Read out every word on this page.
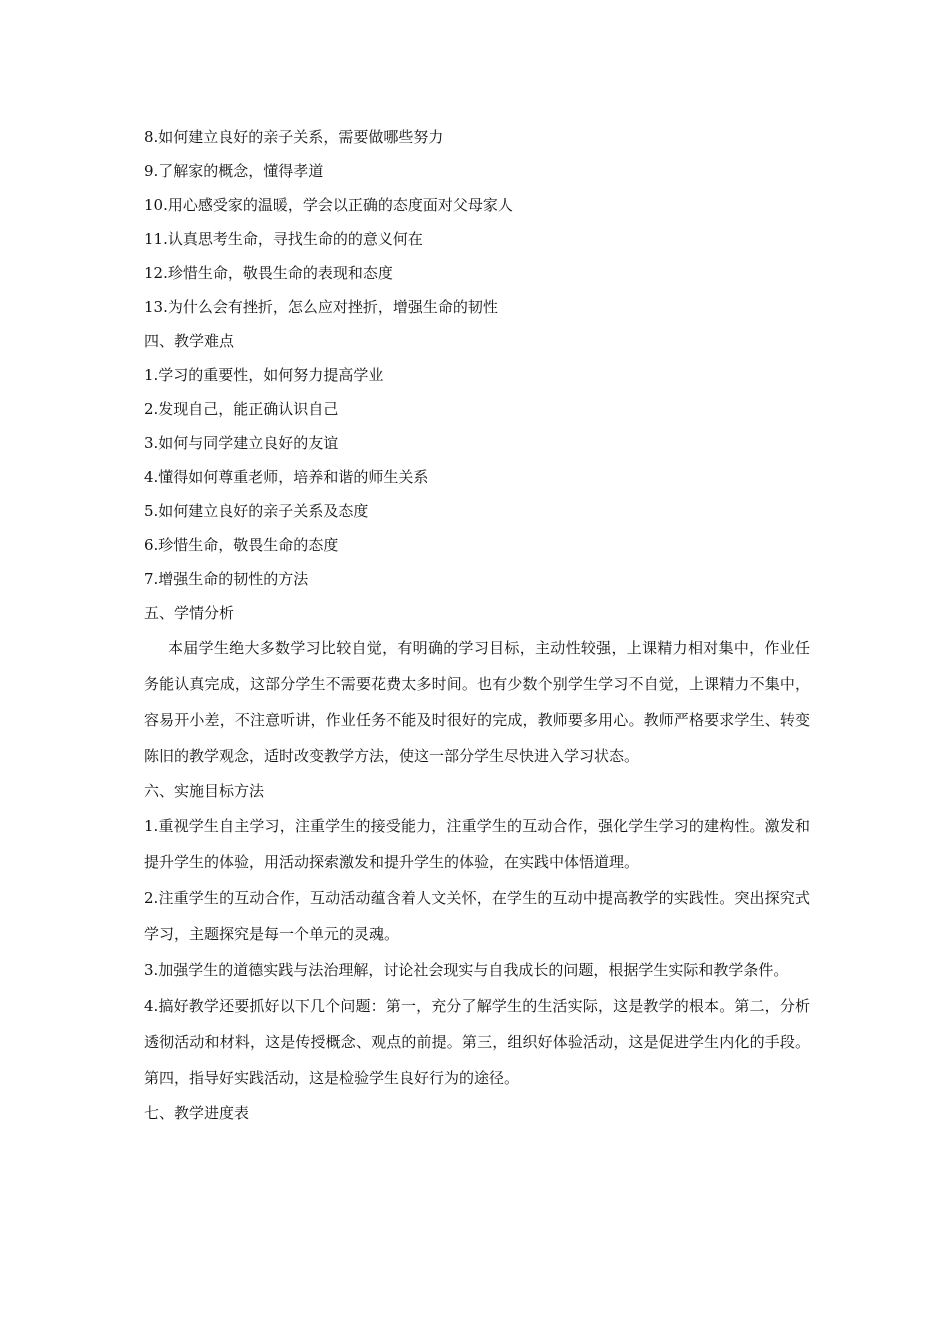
8.如何建立良好的亲子关系，需要做哪些努力
9.了解家的概念，懂得孝道
10.用心感受家的温暖，学会以正确的态度面对父母家人
11.认真思考生命，寻找生命的的意义何在
12.珍惜生命，敬畏生命的表现和态度
13.为什么会有挫折，怎么应对挫折，增强生命的韧性
四、教学难点
1.学习的重要性，如何努力提高学业
2.发现自己，能正确认识自己
3.如何与同学建立良好的友谊
4.懂得如何尊重老师，培养和谐的师生关系
5.如何建立良好的亲子关系及态度
6.珍惜生命，敬畏生命的态度
7.增强生命的韧性的方法
五、学情分析

本届学生绝大多数学习比较自觉，有明确的学习目标，主动性较强，上课精力相对集中，作业任务能认真完成，这部分学生不需要花费太多时间。也有少数个别学生学习不自觉，上课精力不集中，容易开小差，不注意听讲，作业任务不能及时很好的完成，教师要多用心。教师严格要求学生、转变陈旧的教学观念，适时改变教学方法，使这一部分学生尽快进入学习状态。

六、实施目标方法

1.重视学生自主学习，注重学生的接受能力，注重学生的互动合作，强化学生学习的建构性。激发和提升学生的体验，用活动探索激发和提升学生的体验，在实践中体悟道理。

2.注重学生的互动合作，互动活动蕴含着人文关怀，在学生的互动中提高教学的实践性。突出探究式学习，主题探究是每一个单元的灵魂。

3.加强学生的道德实践与法治理解，讨论社会现实与自我成长的问题，根据学生实际和教学条件。

4.搞好教学还要抓好以下几个问题：第一，充分了解学生的生活实际，这是教学的根本。第二，分析透彻活动和材料，这是传授概念、观点的前提。第三，组织好体验活动，这是促进学生内化的手段。第四，指导好实践活动，这是检验学生良好行为的途径。

七、教学进度表
